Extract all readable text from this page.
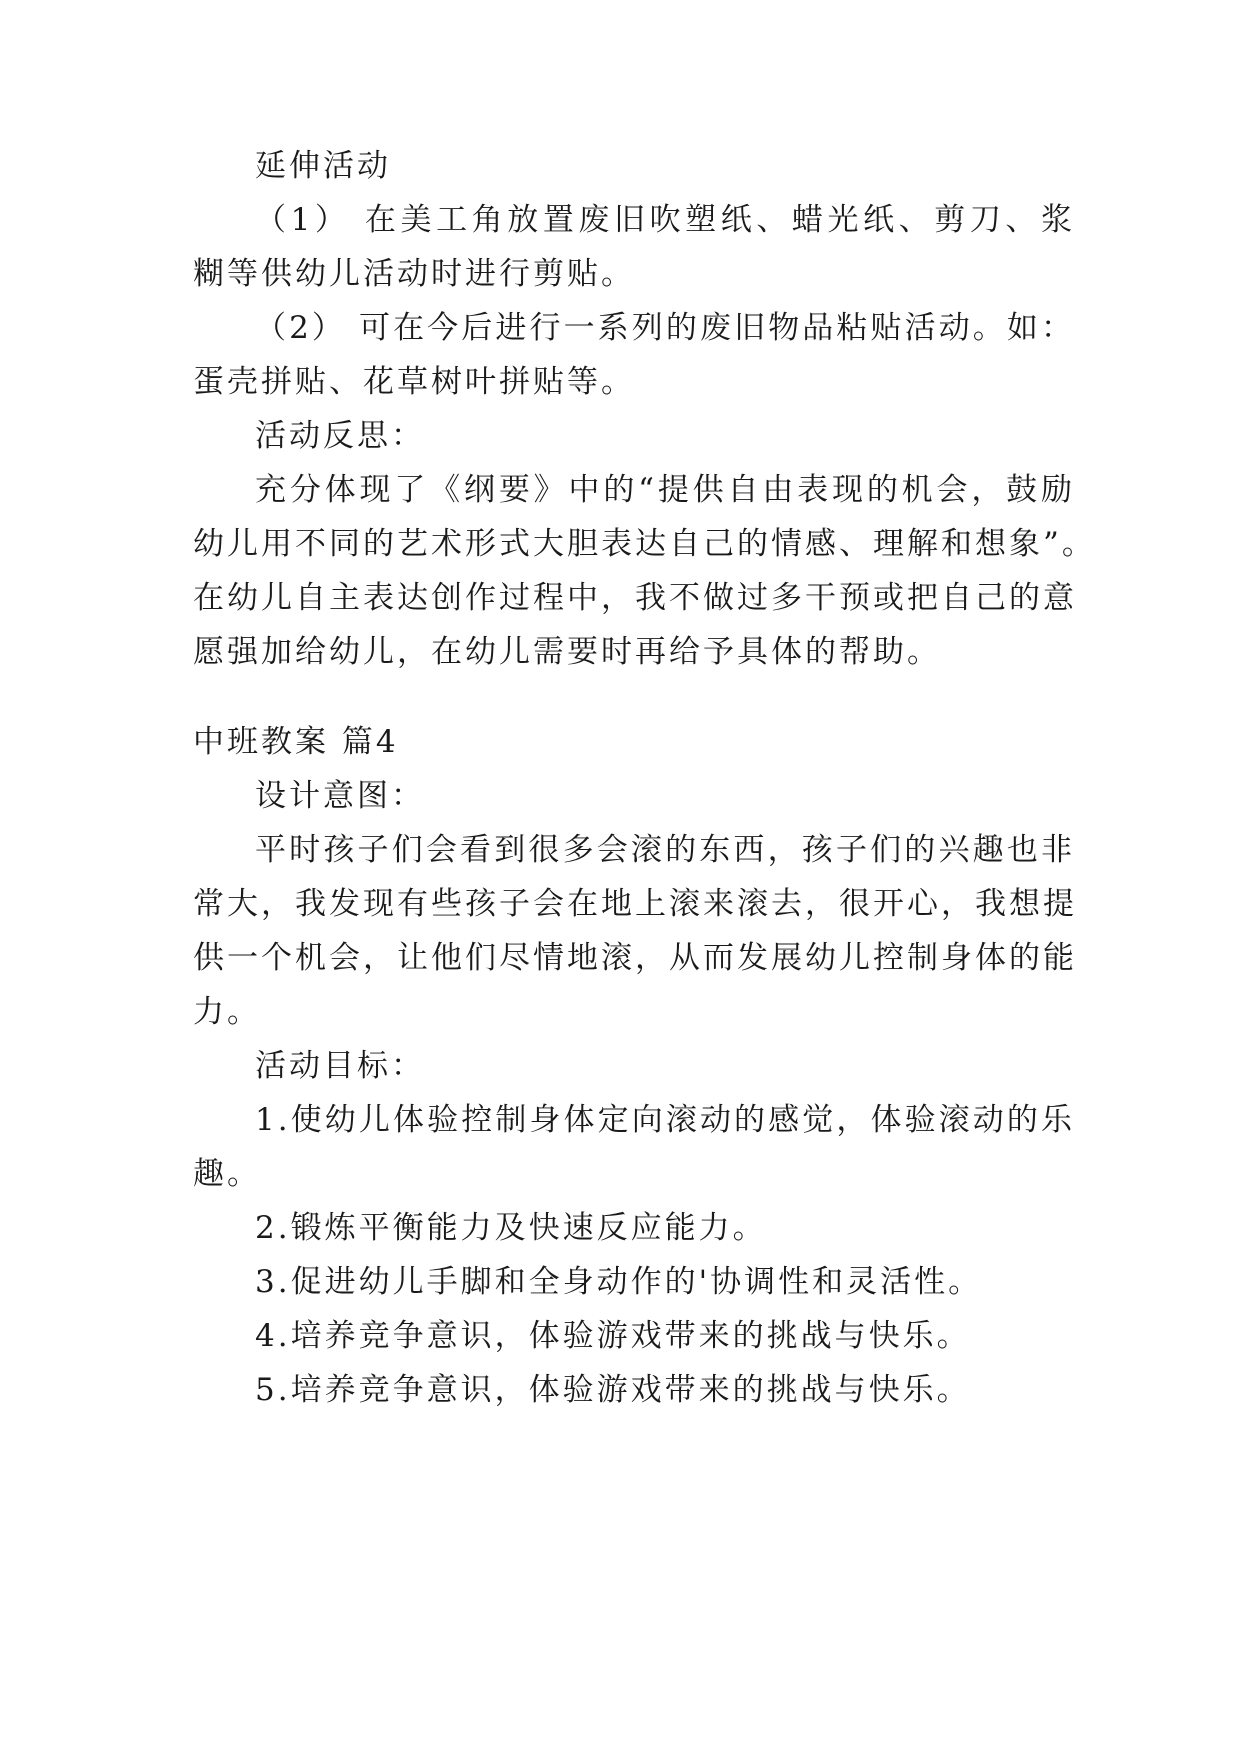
延伸活动
（1） 在美工角放置废旧吹塑纸、蜡光纸、剪刀、浆
糊等供幼儿活动时进行剪贴。
（2） 可在今后进行一系列的废旧物品粘贴活动。如：
蛋壳拼贴、花草树叶拼贴等。
活动反思：
充分体现了《纲要》中的“提供自由表现的机会，鼓励
幼儿用不同的艺术形式大胆表达自己的情感、理解和想象”。
在幼儿自主表达创作过程中，我不做过多干预或把自己的意
愿强加给幼儿，在幼儿需要时再给予具体的帮助。
中班教案 篇4
设计意图：
平时孩子们会看到很多会滚的东西，孩子们的兴趣也非
常大，我发现有些孩子会在地上滚来滚去，很开心，我想提
供一个机会，让他们尽情地滚，从而发展幼儿控制身体的能
力。
活动目标：
1.使幼儿体验控制身体定向滚动的感觉，体验滚动的乐
趣。
2.锻炼平衡能力及快速反应能力。
3.促进幼儿手脚和全身动作的'协调性和灵活性。
4.培养竞争意识，体验游戏带来的挑战与快乐。
5.培养竞争意识，体验游戏带来的挑战与快乐。
